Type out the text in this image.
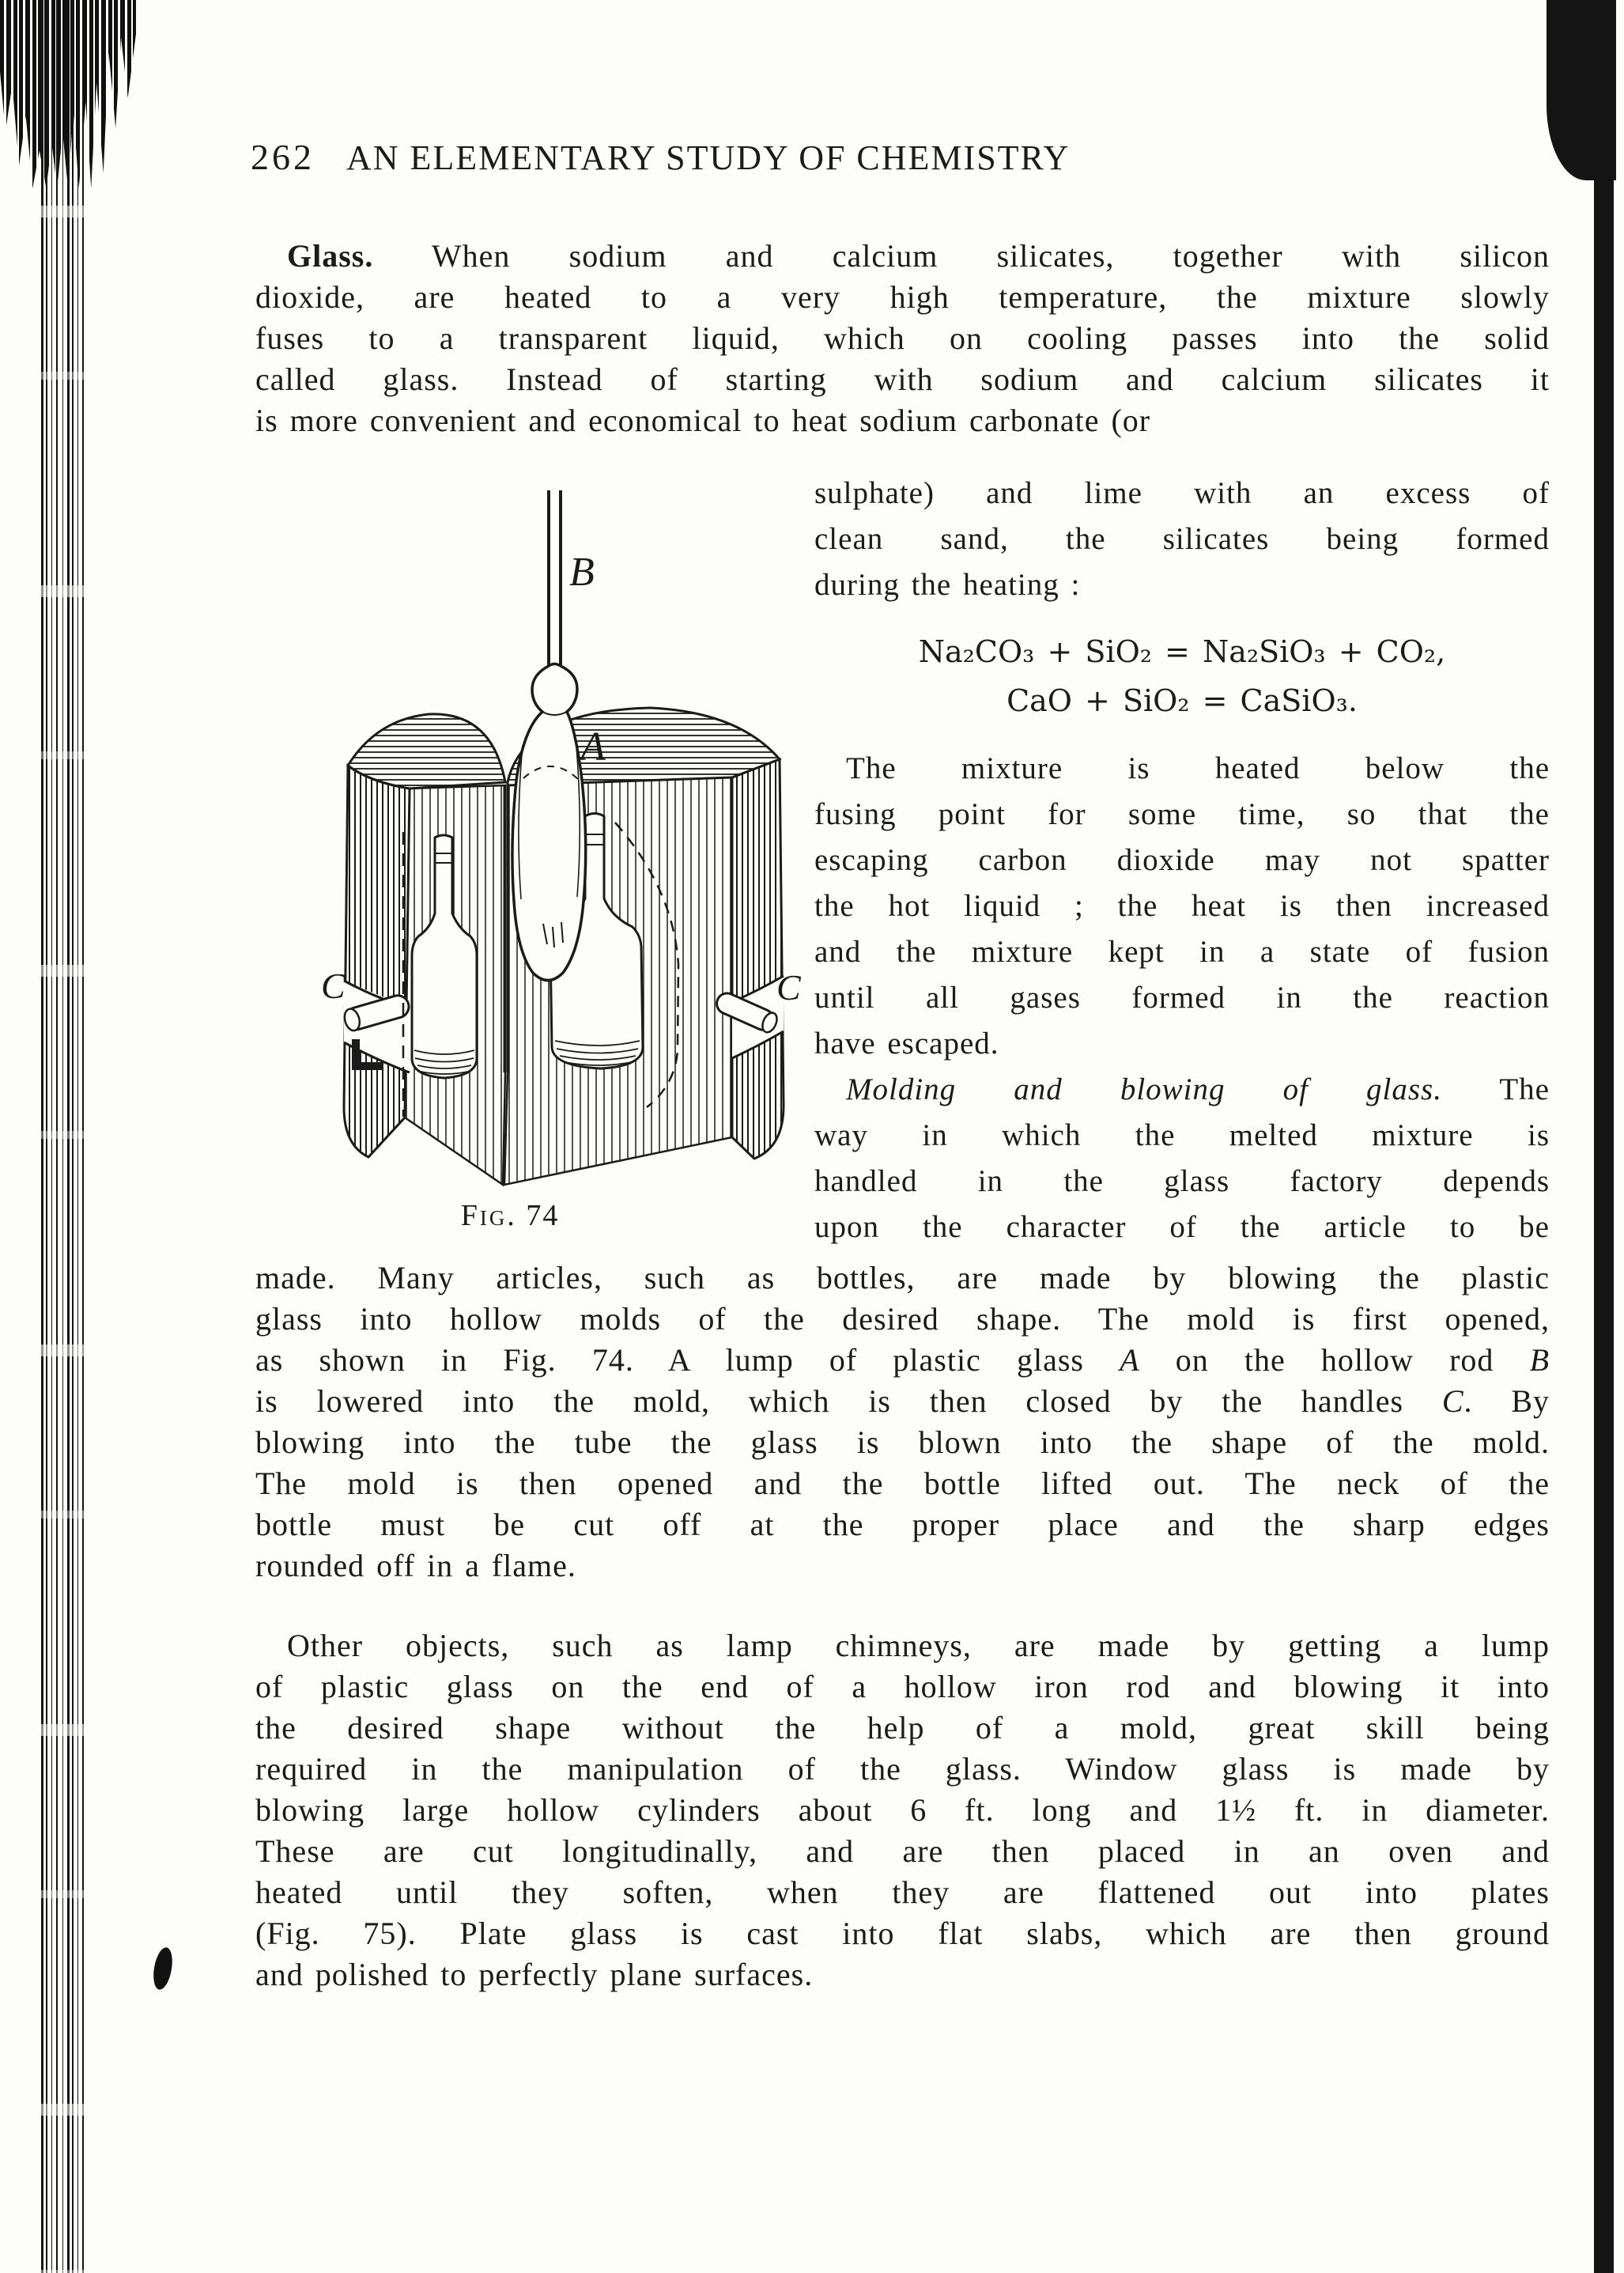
262 AN ELEMENTARY STUDY OF CHEMISTRY
Glass. When sodium and calcium silicates, together with silicon
dioxide, are heated to a very high temperature, the mixture slowly
fuses to a transparent liquid, which on cooling passes into the solid
called glass. Instead of starting with sodium and calcium silicates it
is more convenient and economical to heat sodium carbonate (or
B
A
C	C
Fig. 74
sulphate) and lime with an excess of
clean sand, the silicates being formed
during the heating :
Na₂CO₃ + SiO₂ = Na₂SiO₃ + CO₂,
CaO + SiO₂ = CaSiO₃.
The mixture is heated below the
fusing point for some time, so that the
escaping carbon dioxide may not spatter
the hot liquid ; the heat is then increased
and the mixture kept in a state of fusion
until all gases formed in the reaction
have escaped.
Molding and blowing of glass. The
way in which the melted mixture is
handled in the glass factory depends
upon the character of the article to be
made. Many articles, such as bottles, are made by blowing the plastic
glass into hollow molds of the desired shape. The mold is first opened,
as shown in Fig. 74. A lump of plastic glass A on the hollow rod B
is lowered into the mold, which is then closed by the handles C. By
blowing into the tube the glass is blown into the shape of the mold.
The mold is then opened and the bottle lifted out. The neck of the
bottle must be cut off at the proper place and the sharp edges
rounded off in a flame.
Other objects, such as lamp chimneys, are made by getting a lump
of plastic glass on the end of a hollow iron rod and blowing it into
the desired shape without the help of a mold, great skill being
required in the manipulation of the glass. Window glass is made by
blowing large hollow cylinders about 6 ft. long and 1½ ft. in diameter.
These are cut longitudinally, and are then placed in an oven and
heated until they soften, when they are flattened out into plates
(Fig. 75). Plate glass is cast into flat slabs, which are then ground
and polished to perfectly plane surfaces.
